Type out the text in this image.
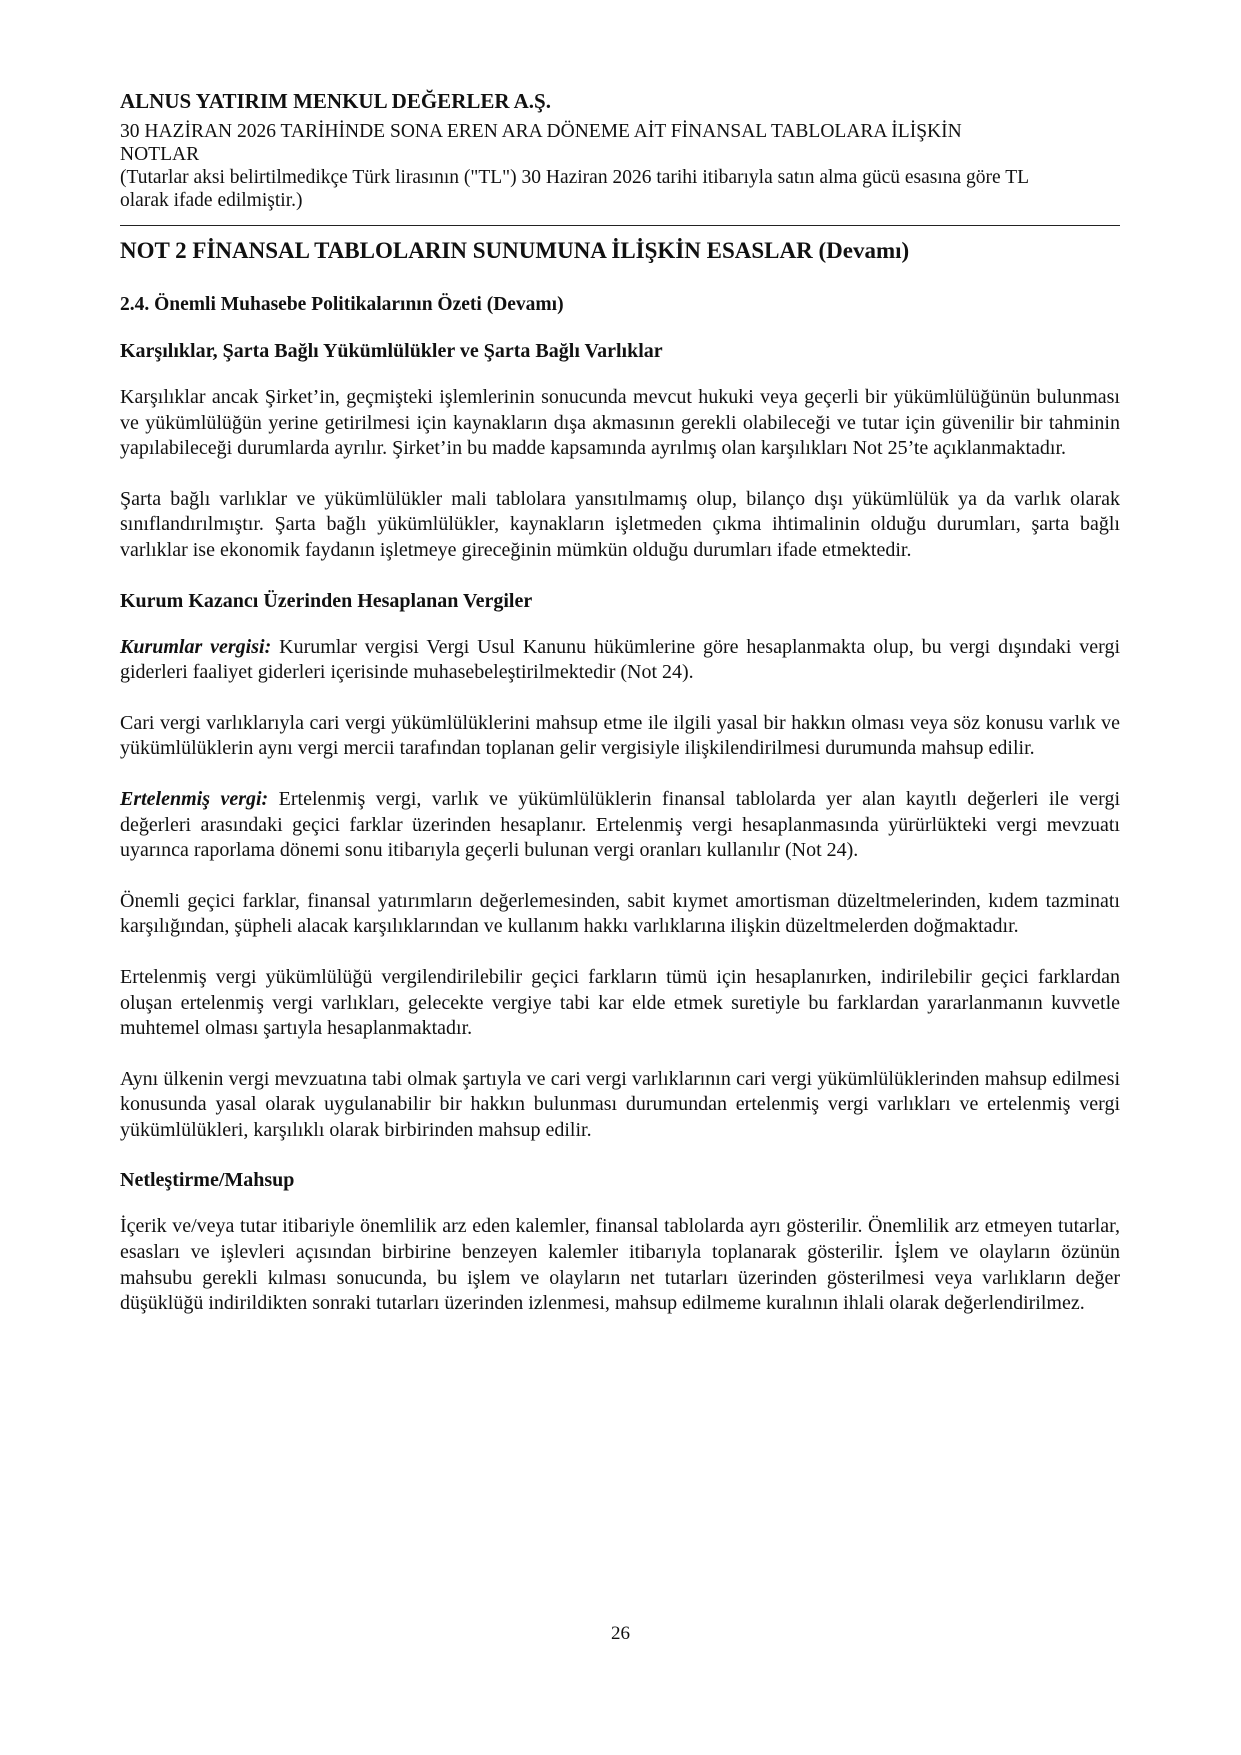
ALNUS YATIRIM MENKUL DEĞERLER A.Ş.

30 HAZİRAN 2026 TARİHİNDE SONA EREN ARA DÖNEME AİT FİNANSAL TABLOLARA İLİŞKİN

NOTLAR

(Tutarlar aksi belirtilmedikçe Türk lirasının ("TL") 30 Haziran 2026 tarihi itibarıyla satın alma gücü esasına göre TL

olarak ifade edilmiştir.)

NOT 2 FİNANSAL TABLOLARIN SUNUMUNA İLİŞKİN ESASLAR (Devamı)
2.4. Önemli Muhasebe Politikalarının Özeti (Devamı)
Karşılıklar, Şarta Bağlı Yükümlülükler ve Şarta Bağlı Varlıklar

Karşılıklar ancak Şirket’in, geçmişteki işlemlerinin sonucunda mevcut hukuki veya geçerli bir yükümlülüğünün bulunması ve yükümlülüğün yerine getirilmesi için kaynakların dışa akmasının gerekli olabileceği ve tutar için güvenilir bir tahminin yapılabileceği durumlarda ayrılır. Şirket’in bu madde kapsamında ayrılmış olan karşılıkları Not 25’te açıklanmaktadır.

Şarta bağlı varlıklar ve yükümlülükler mali tablolara yansıtılmamış olup, bilanço dışı yükümlülük ya da varlık olarak sınıflandırılmıştır. Şarta bağlı yükümlülükler, kaynakların işletmeden çıkma ihtimalinin olduğu durumları, şarta bağlı varlıklar ise ekonomik faydanın işletmeye gireceğinin mümkün olduğu durumları ifade etmektedir.

Kurum Kazancı Üzerinden Hesaplanan Vergiler

Kurumlar vergisi: Kurumlar vergisi Vergi Usul Kanunu hükümlerine göre hesaplanmakta olup, bu vergi dışındaki vergi giderleri faaliyet giderleri içerisinde muhasebeleştirilmektedir (Not 24).

Cari vergi varlıklarıyla cari vergi yükümlülüklerini mahsup etme ile ilgili yasal bir hakkın olması veya söz konusu varlık ve yükümlülüklerin aynı vergi mercii tarafından toplanan gelir vergisiyle ilişkilendirilmesi durumunda mahsup edilir.

Ertelenmiş vergi: Ertelenmiş vergi, varlık ve yükümlülüklerin finansal tablolarda yer alan kayıtlı değerleri ile vergi değerleri arasındaki geçici farklar üzerinden hesaplanır. Ertelenmiş vergi hesaplanmasında yürürlükteki vergi mevzuatı uyarınca raporlama dönemi sonu itibarıyla geçerli bulunan vergi oranları kullanılır (Not 24).

Önemli geçici farklar, finansal yatırımların değerlemesinden, sabit kıymet amortisman düzeltmelerinden, kıdem tazminatı karşılığından, şüpheli alacak karşılıklarından ve kullanım hakkı varlıklarına ilişkin düzeltmelerden doğmaktadır.

Ertelenmiş vergi yükümlülüğü vergilendirilebilir geçici farkların tümü için hesaplanırken, indirilebilir geçici farklardan oluşan ertelenmiş vergi varlıkları, gelecekte vergiye tabi kar elde etmek suretiyle bu farklardan yararlanmanın kuvvetle muhtemel olması şartıyla hesaplanmaktadır.

Aynı ülkenin vergi mevzuatına tabi olmak şartıyla ve cari vergi varlıklarının cari vergi yükümlülüklerinden mahsup edilmesi konusunda yasal olarak uygulanabilir bir hakkın bulunması durumundan ertelenmiş vergi varlıkları ve ertelenmiş vergi yükümlülükleri, karşılıklı olarak birbirinden mahsup edilir.

Netleştirme/Mahsup

İçerik ve/veya tutar itibariyle önemlilik arz eden kalemler, finansal tablolarda ayrı gösterilir. Önemlilik arz etmeyen tutarlar, esasları ve işlevleri açısından birbirine benzeyen kalemler itibarıyla toplanarak gösterilir. İşlem ve olayların özünün mahsubu gerekli kılması sonucunda, bu işlem ve olayların net tutarları üzerinden gösterilmesi veya varlıkların değer düşüklüğü indirildikten sonraki tutarları üzerinden izlenmesi, mahsup edilmeme kuralının ihlali olarak değerlendirilmez.

26
